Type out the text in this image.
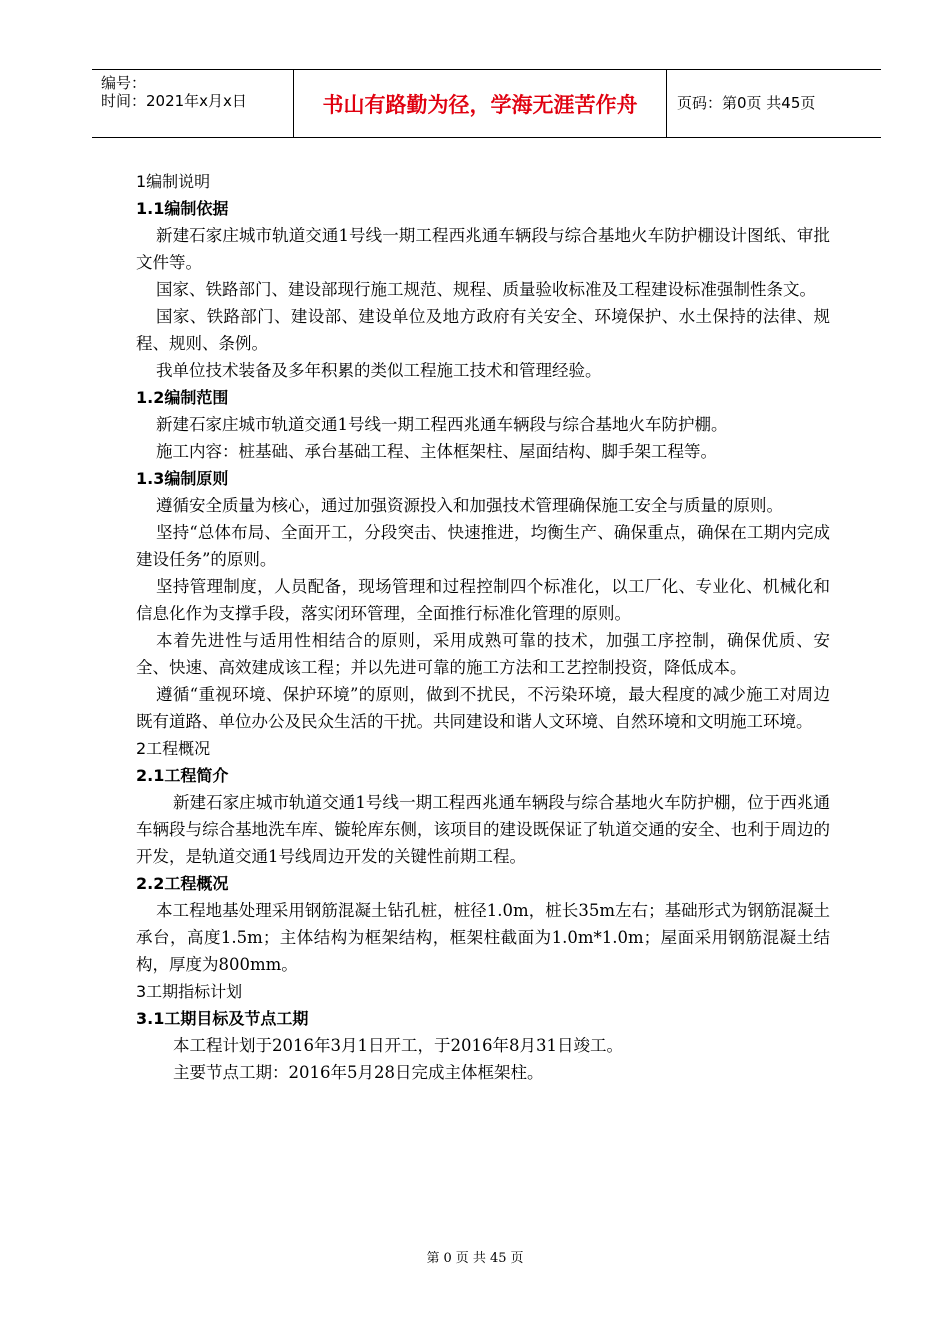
编号：
时间：2021年x月x日	书山有路勤为径，学海无涯苦作舟	页码：第0页 共45页

1编制说明

1.1编制依据

新建石家庄城市轨道交通1号线一期工程西兆通车辆段与综合基地火车防护棚设计图纸、审批文件等。

国家、铁路部门、建设部现行施工规范、规程、质量验收标准及工程建设标准强制性条文。

国家、铁路部门、建设部、建设单位及地方政府有关安全、环境保护、水土保持的法律、规程、规则、条例。

我单位技术装备及多年积累的类似工程施工技术和管理经验。

1.2编制范围

新建石家庄城市轨道交通1号线一期工程西兆通车辆段与综合基地火车防护棚。

施工内容：桩基础、承台基础工程、主体框架柱、屋面结构、脚手架工程等。

1.3编制原则

遵循安全质量为核心，通过加强资源投入和加强技术管理确保施工安全与质量的原则。

坚持“总体布局、全面开工，分段突击、快速推进，均衡生产、确保重点，确保在工期内完成建设任务”的原则。

坚持管理制度，人员配备，现场管理和过程控制四个标准化，以工厂化、专业化、机械化和信息化作为支撑手段，落实闭环管理，全面推行标准化管理的原则。

本着先进性与适用性相结合的原则，采用成熟可靠的技术，加强工序控制，确保优质、安全、快速、高效建成该工程；并以先进可靠的施工方法和工艺控制投资，降低成本。

遵循“重视环境、保护环境”的原则，做到不扰民，不污染环境，最大程度的减少施工对周边既有道路、单位办公及民众生活的干扰。共同建设和谐人文环境、自然环境和文明施工环境。

2工程概况

2.1工程简介

新建石家庄城市轨道交通1号线一期工程西兆通车辆段与综合基地火车防护棚，位于西兆通车辆段与综合基地洗车库、镟轮库东侧，该项目的建设既保证了轨道交通的安全、也利于周边的开发，是轨道交通1号线周边开发的关键性前期工程。

2.2工程概况

本工程地基处理采用钢筋混凝土钻孔桩，桩径1.0m，桩长35m左右；基础形式为钢筋混凝土承台，高度1.5m；主体结构为框架结构，框架柱截面为1.0m*1.0m；屋面采用钢筋混凝土结构，厚度为800mm。

3工期指标计划

3.1工期目标及节点工期

本工程计划于2016年3月1日开工，于2016年8月31日竣工。

主要节点工期：2016年5月28日完成主体框架柱。

第 0 页 共 45 页
